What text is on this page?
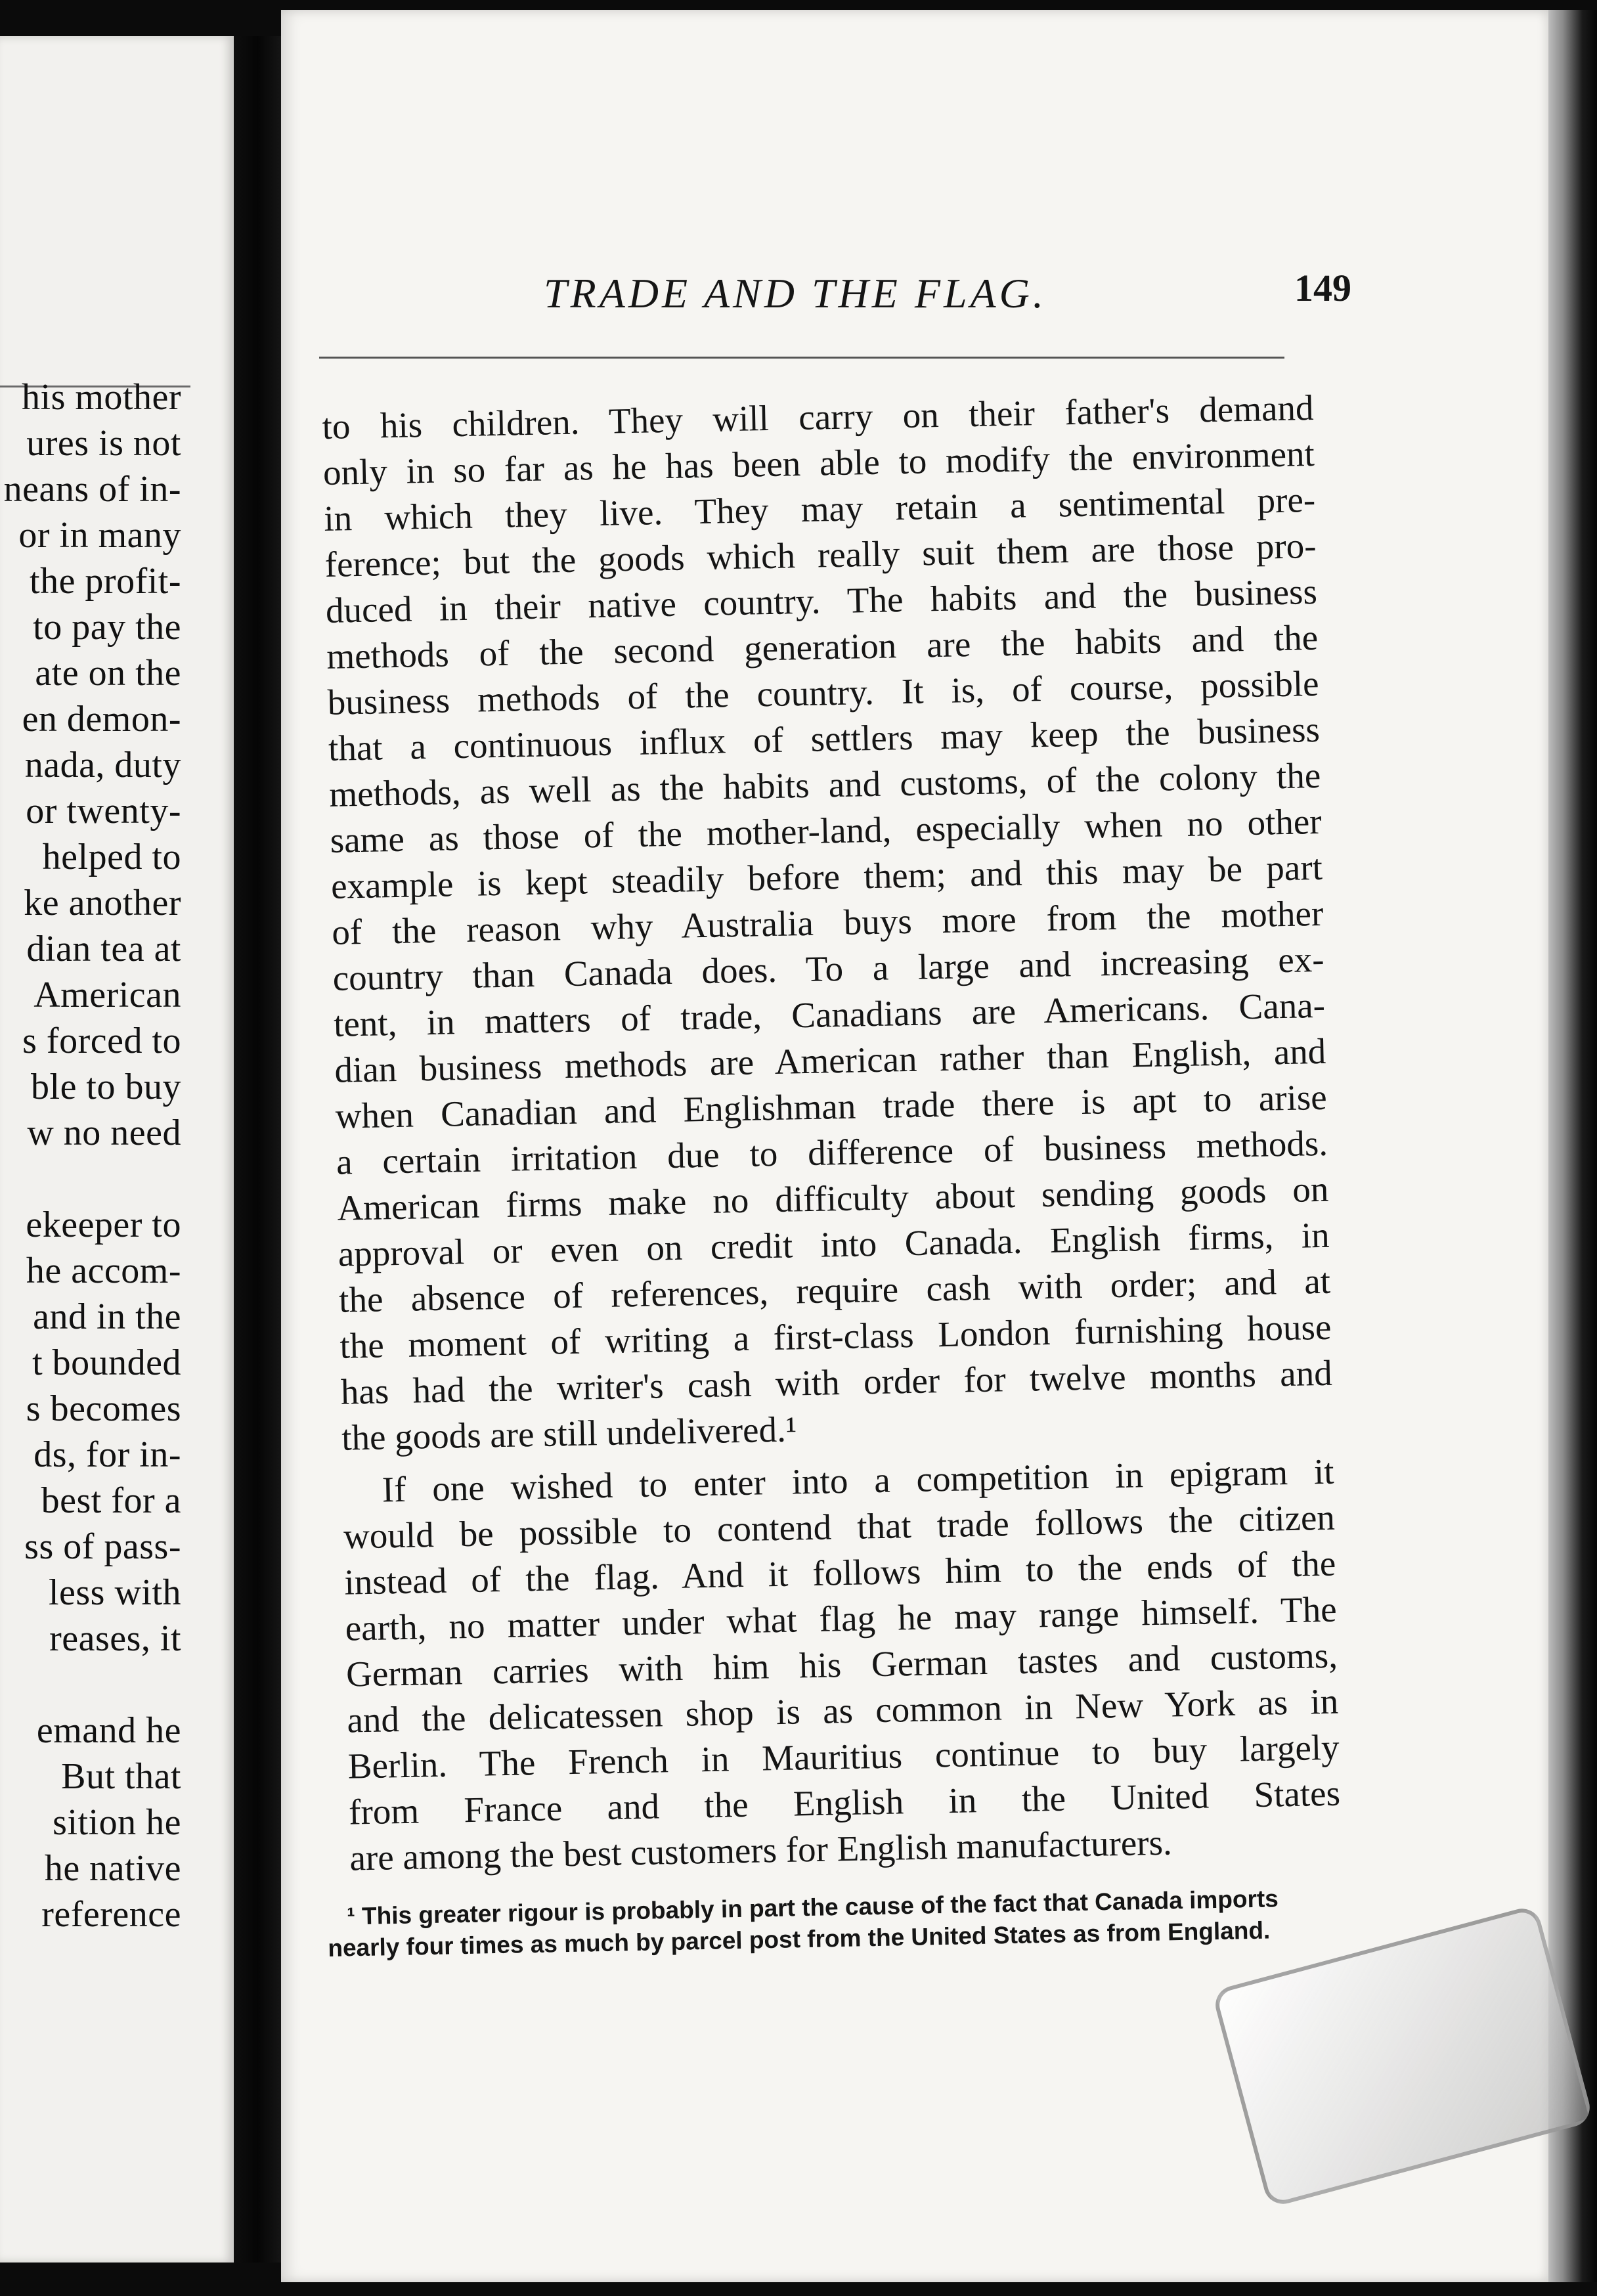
his mother
ures is not
neans of in-
or in many
the profit-
to pay the
ate on the
en demon-
nada, duty
or twenty-
helped to
ke another
dian tea at
American
s forced to
ble to buy
w no need
ekeeper to
he accom-
and in the
t bounded
s becomes
ds, for in-
best for a
ss of pass-
less with
reases, it
emand he
But that
sition he
he native
reference
TRADE AND THE FLAG.	149

to his children. They will carry on their father's demand

only in so far as he has been able to modify the environment

in which they live. They may retain a sentimental pre-

ference; but the goods which really suit them are those pro-

duced in their native country. The habits and the business

methods of the second generation are the habits and the

business methods of the country. It is, of course, possible

that a continuous influx of settlers may keep the business

methods, as well as the habits and customs, of the colony the

same as those of the mother-land, especially when no other

example is kept steadily before them; and this may be part

of the reason why Australia buys more from the mother

country than Canada does. To a large and increasing ex-

tent, in matters of trade, Canadians are Americans. Cana-

dian business methods are American rather than English, and

when Canadian and Englishman trade there is apt to arise

a certain irritation due to difference of business methods.

American firms make no difficulty about sending goods on

approval or even on credit into Canada. English firms, in

the absence of references, require cash with order; and at

the moment of writing a first-class London furnishing house

has had the writer's cash with order for twelve months and

the goods are still undelivered.¹

If one wished to enter into a competition in epigram it

would be possible to contend that trade follows the citizen

instead of the flag. And it follows him to the ends of the

earth, no matter under what flag he may range himself. The

German carries with him his German tastes and customs,

and the delicatessen shop is as common in New York as in

Berlin. The French in Mauritius continue to buy largely

from France and the English in the United States

are among the best customers for English manufacturers.

¹ This greater rigour is probably in part the cause of the fact that Canada imports
nearly four times as much by parcel post from the United States as from England.
